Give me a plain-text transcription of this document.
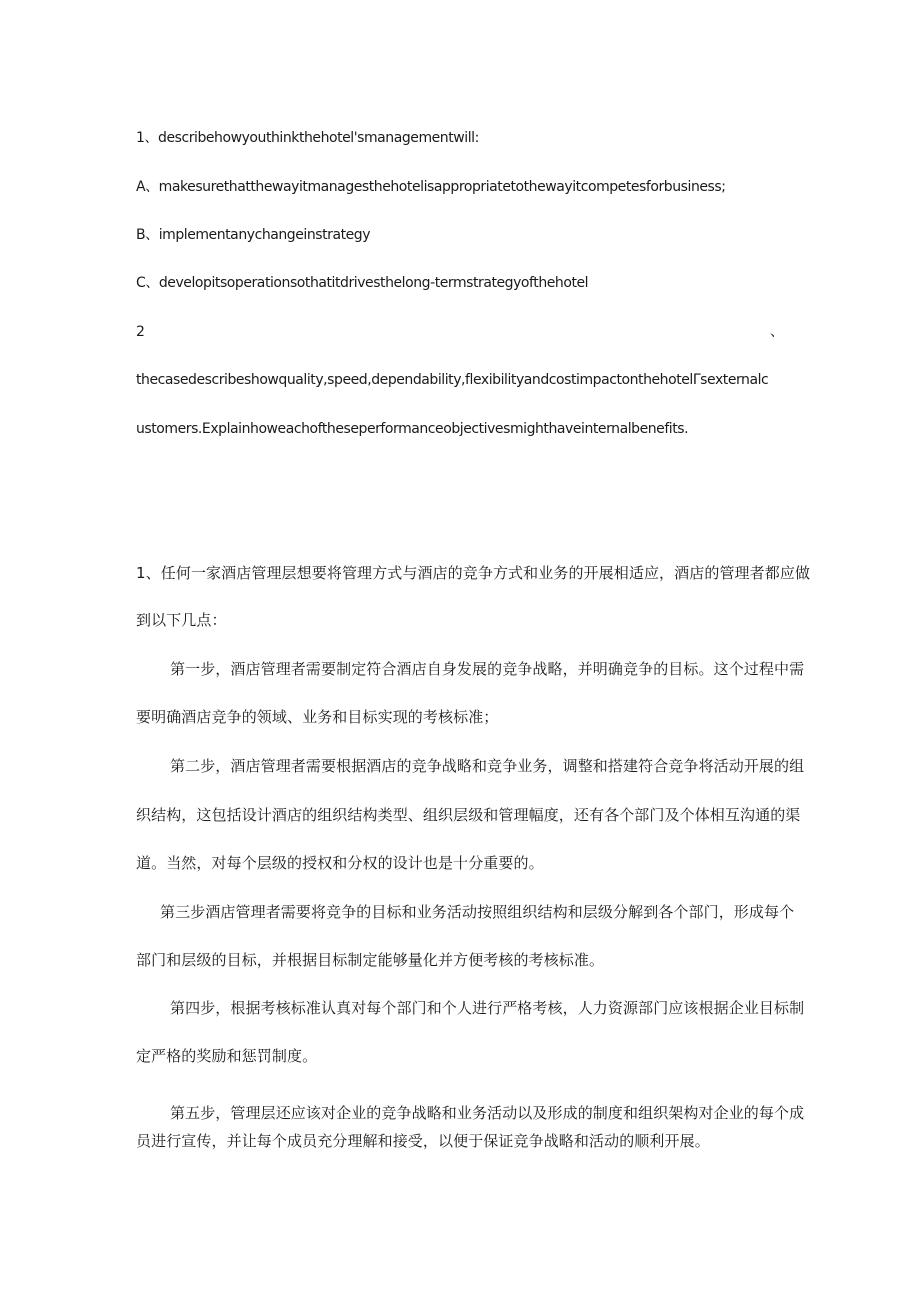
1、describehowyouthinkthehotel'smanagementwill:
A、makesurethatthewayitmanagesthehotelisappropriatetothewayitcompetesforbusiness;
B、implementanychangeinstrategy
C、developitsoperationsothatitdrivesthelong-termstrategyofthehotel
2	、
thecasedescribeshowquality,speed,dependability,flexibilityandcostimpactonthehotelΓsexternalc
ustomers.Explainhoweachoftheseperformanceobjectivesmighthaveinternalbenefits.
1、任何一家酒店管理层想要将管理方式与酒店的竞争方式和业务的开展相适应，酒店的管理者都应做
到以下几点：
第一步，酒店管理者需要制定符合酒店自身发展的竞争战略，并明确竞争的目标。这个过程中需
要明确酒店竞争的领域、业务和目标实现的考核标准；
第二步，酒店管理者需要根据酒店的竞争战略和竞争业务，调整和搭建符合竞争将活动开展的组
织结构，这包括设计酒店的组织结构类型、组织层级和管理幅度，还有各个部门及个体相互沟通的渠
道。当然，对每个层级的授权和分权的设计也是十分重要的。
第三步酒店管理者需要将竞争的目标和业务活动按照组织结构和层级分解到各个部门，形成每个
部门和层级的目标，并根据目标制定能够量化并方便考核的考核标准。
第四步，根据考核标准认真对每个部门和个人进行严格考核，人力资源部门应该根据企业目标制
定严格的奖励和惩罚制度。
第五步，管理层还应该对企业的竞争战略和业务活动以及形成的制度和组织架构对企业的每个成
员进行宣传，并让每个成员充分理解和接受，以便于保证竞争战略和活动的顺利开展。
